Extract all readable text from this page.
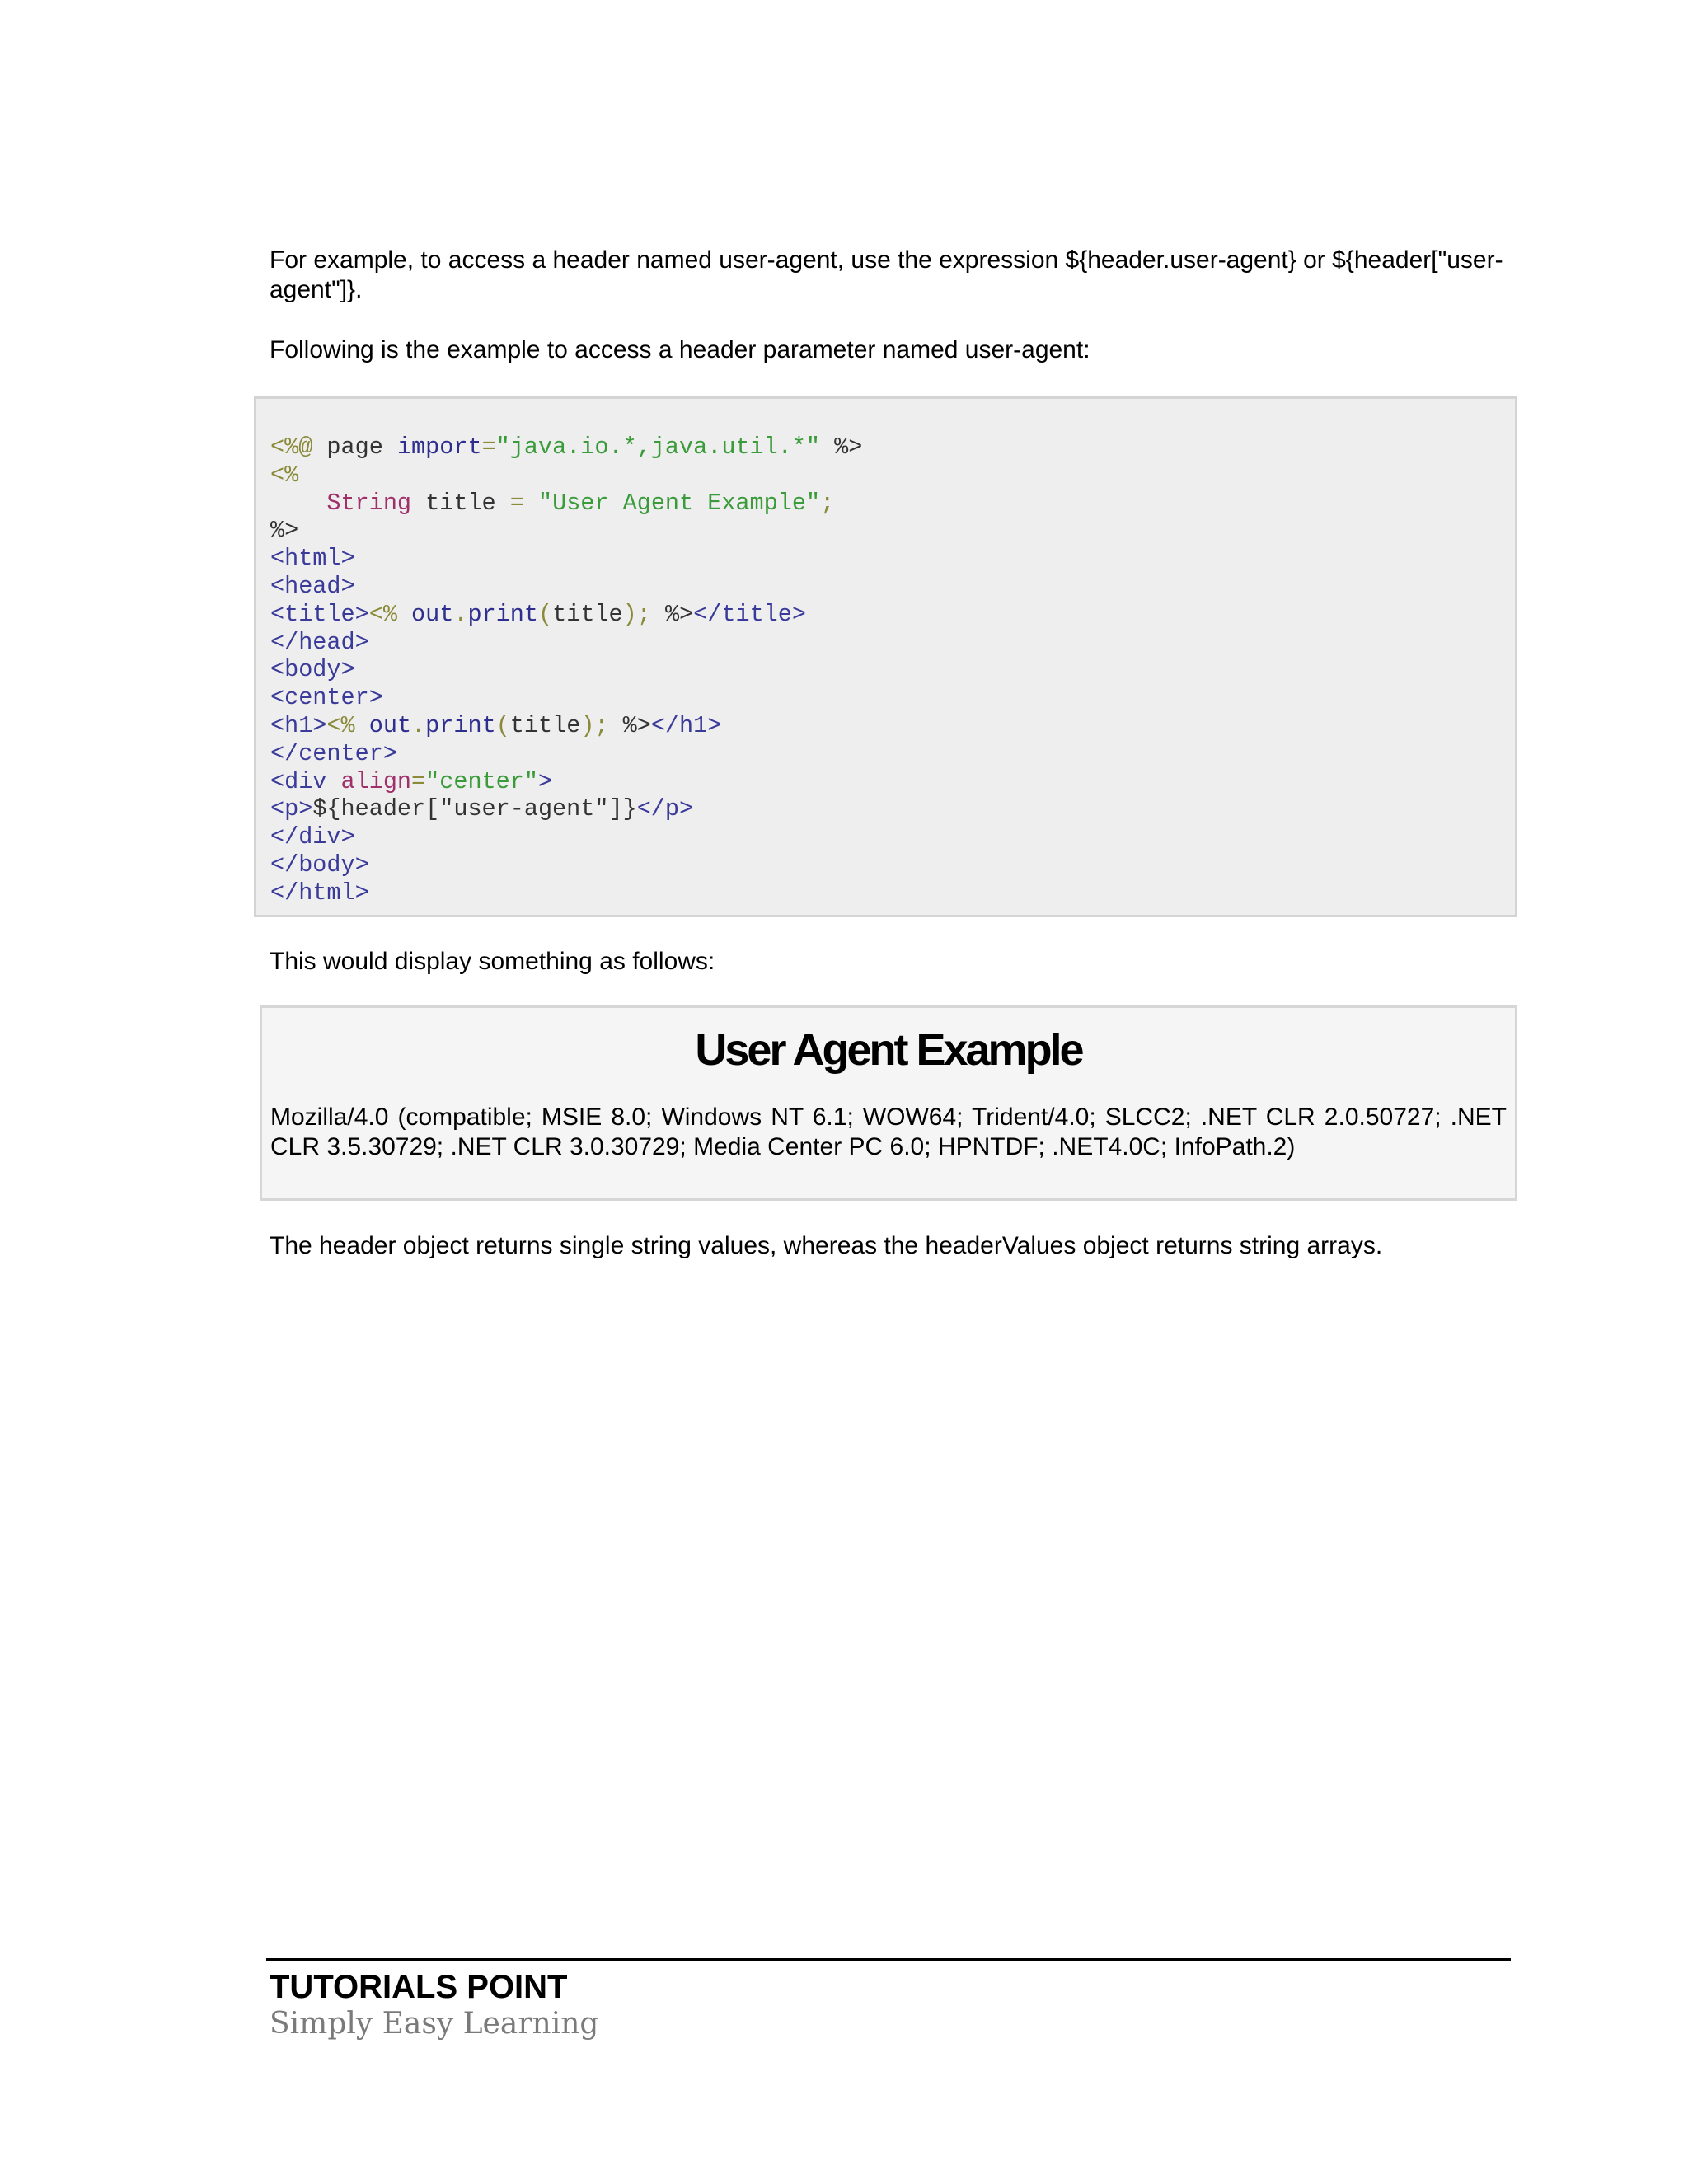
For example, to access a header named user-agent, use the expression ${header.user-agent} or ${header["user-agent"]}.

Following is the example to access a header parameter named user-agent:

<%@ page import="java.io.*,java.util.*" %>
<%
String title = "User Agent Example";
%>
<html>
<head>
<title><% out.print(title); %></title>
</head>
<body>
<center>
<h1><% out.print(title); %></h1>
</center>
<div align="center">
<p>${header["user-agent"]}</p>
</div>
</body>
</html>

This would display something as follows:

User Agent Example

Mozilla/4.0 (compatible; MSIE 8.0; Windows NT 6.1; WOW64; Trident/4.0; SLCC2; .NET CLR 2.0.50727; .NET CLR 3.5.30729; .NET CLR 3.0.30729; Media Center PC 6.0; HPNTDF; .NET4.0C; InfoPath.2)

The header object returns single string values, whereas the headerValues object returns string arrays.

TUTORIALS POINT

Simply Easy Learning
